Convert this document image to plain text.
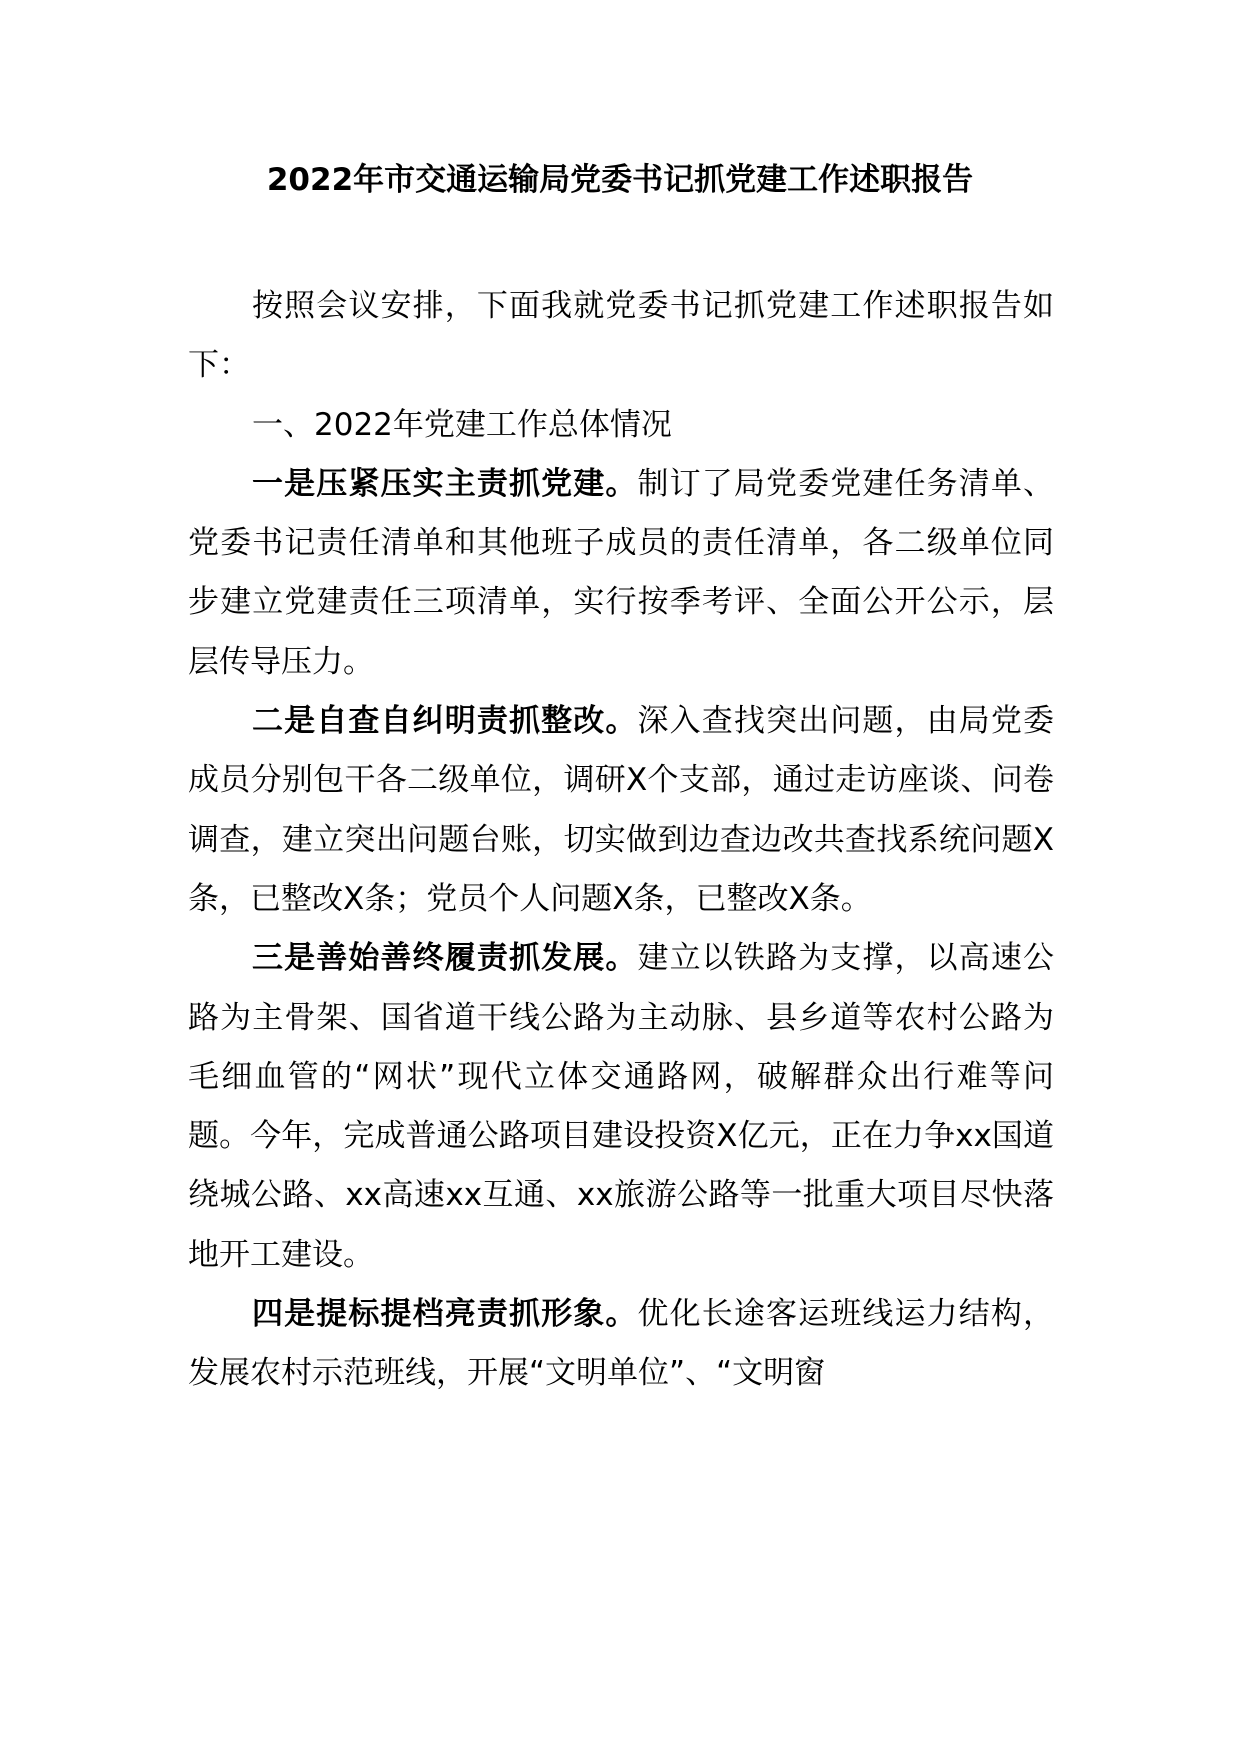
2022年市交通运输局党委书记抓党建工作述职报告

按照会议安排，下面我就党委书记抓党建工作述职报告如下：

一、2022年党建工作总体情况

一是压紧压实主责抓党建。制订了局党委党建任务清单、党委书记责任清单和其他班子成员的责任清单，各二级单位同步建立党建责任三项清单，实行按季考评、全面公开公示，层层传导压力。

二是自查自纠明责抓整改。深入查找突出问题，由局党委成员分别包干各二级单位，调研X个支部，通过走访座谈、问卷调查，建立突出问题台账，切实做到边查边改共查找系统问题X条，已整改X条；党员个人问题X条，已整改X条。

三是善始善终履责抓发展。建立以铁路为支撑，以高速公路为主骨架、国省道干线公路为主动脉、县乡道等农村公路为毛细血管的“网状”现代立体交通路网，破解群众出行难等问题。今年，完成普通公路项目建设投资X亿元，正在力争xx国道绕城公路、xx高速xx互通、xx旅游公路等一批重大项目尽快落地开工建设。

四是提标提档亮责抓形象。优化长途客运班线运力结构，发展农村示范班线，开展“文明单位”、“文明窗
